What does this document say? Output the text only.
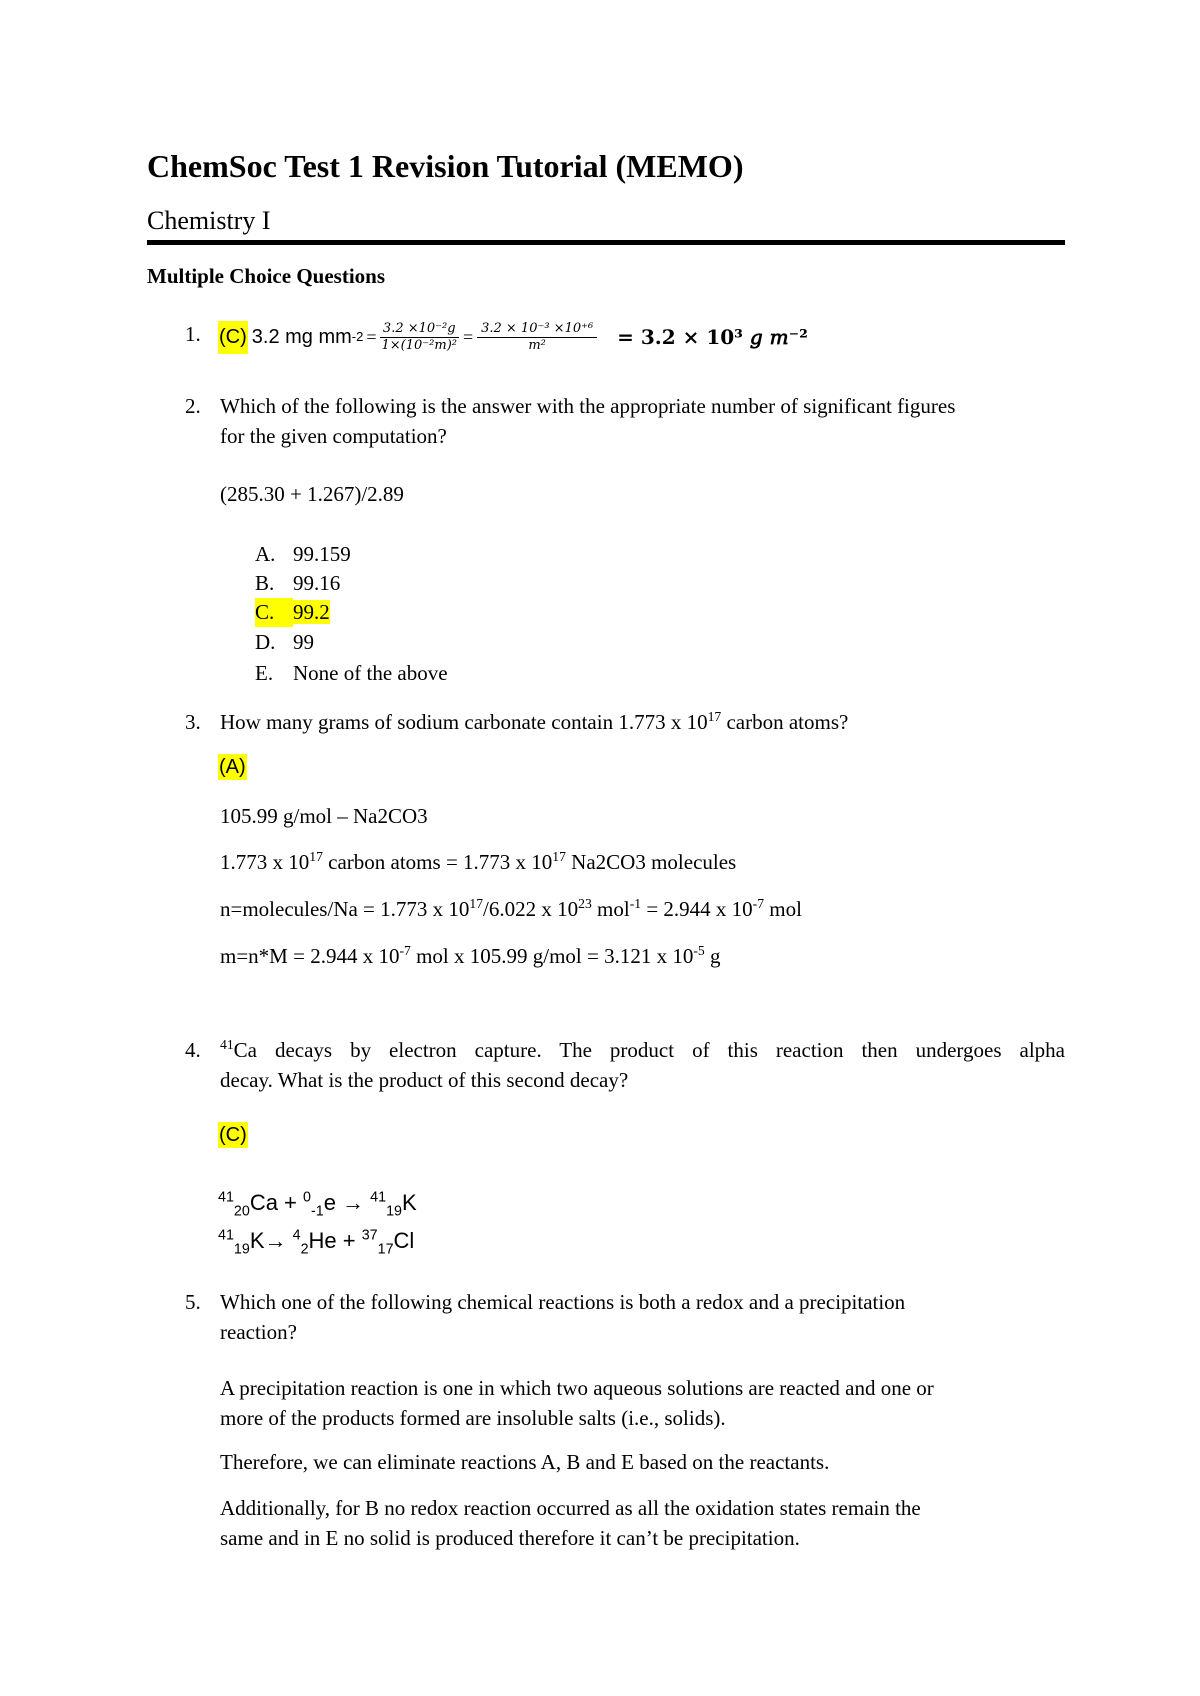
ChemSoc Test 1 Revision Tutorial (MEMO)
Chemistry I
Multiple Choice Questions
1. (C) 3.2 mg mm $-2 = \frac{\text{3.2 ×10⁻²𝑔}}{\text{1×(10⁻²𝑚)²}} = \frac{\text{3.2 × 10⁻³ ×10⁺⁶}}{\text{𝑚²}} = 3.2 \times 10^3$ 𝑔 𝑚⁻²
2. Which of the following is the answer with the appropriate number of significant figures
for the given computation?
(285.30 + 1.267)/2.89
A. 99.159
B. 99.16
C. 99.2
D. 99
E. None of the above
3. How many grams of sodium carbonate contain 1.773 x $10^{17}$ carbon atoms?
(A)
105.99 g/mol – Na2CO3
1.773 x $10^{17}$ carbon atoms = 1.773 x $10^{17}$ Na2CO3 molecules
n=molecules/Na = 1.773 x $10^{17}/6.022$ x $10^{23}$ mol$^{-1}$ = 2.944 x $10^{-7}$ mol
m=n*M = 2.944 x $10^{-7}$ mol x 105.99 g/mol = 3.121 x $10^{-5}$ g
4. $^{41}$Ca decays by electron capture. The product of this reaction then undergoes alpha
decay. What is the product of this second decay?
(C)
$^{41}_{20}$Ca + $^0_{-1}$e → $^{41}_{19}$K
$^{41}_{19}$K→ $^4_2$He + $^{37}_{17}$Cl
5. Which one of the following chemical reactions is both a redox and a precipitation
reaction?
A precipitation reaction is one in which two aqueous solutions are reacted and one or
more of the products formed are insoluble salts (i.e., solids).
Therefore, we can eliminate reactions A, B and E based on the reactants.
Additionally, for B no redox reaction occurred as all the oxidation states remain the
same and in E no solid is produced therefore it can’t be precipitation.
